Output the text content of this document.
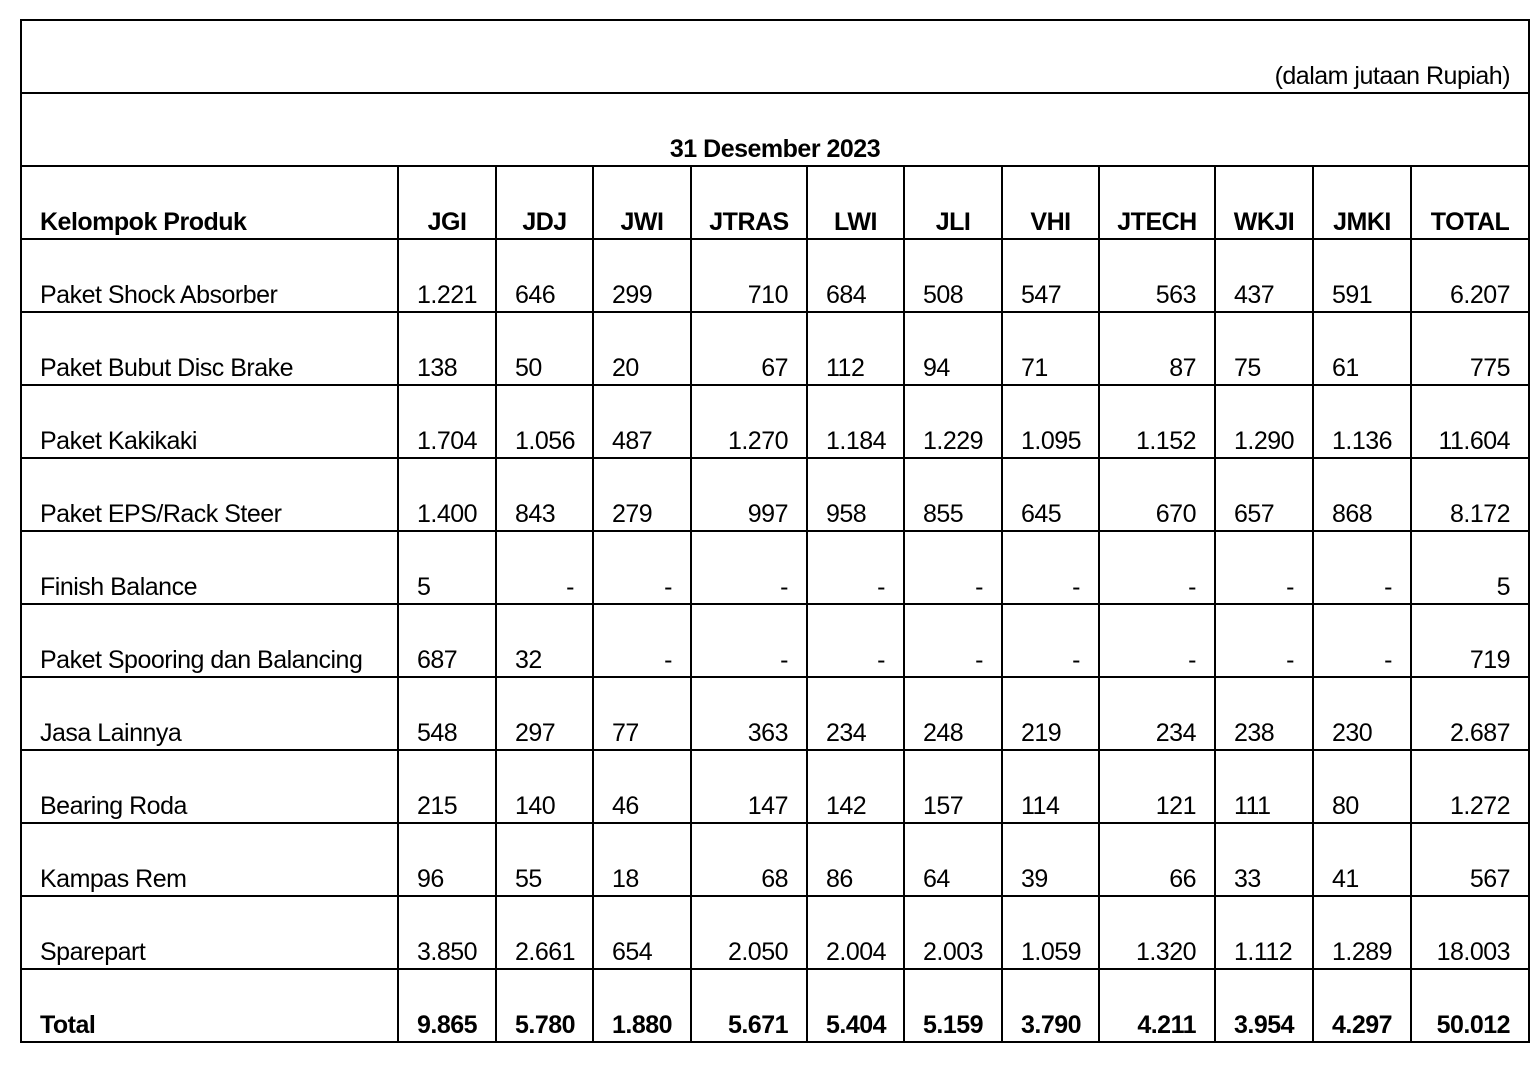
(dalam jutaan Rupiah)											
31 Desember 2023											
Kelompok Produk	JGI	JDJ	JWI	JTRAS	LWI	JLI	VHI	JTECH	WKJI	JMKI	TOTAL
Paket Shock Absorber	1.221	646	299	710	684	508	547	563	437	591	6.207
Paket Bubut Disc Brake	138	50	20	67	112	94	71	87	75	61	775
Paket Kakikaki	1.704	1.056	487	1.270	1.184	1.229	1.095	1.152	1.290	1.136	11.604
Paket EPS/Rack Steer	1.400	843	279	997	958	855	645	670	657	868	8.172
Finish Balance	5	-	-	-	-	-	-	-	-	-	5
Paket Spooring dan Balancing	687	32	-	-	-	-	-	-	-	-	719
Jasa Lainnya	548	297	77	363	234	248	219	234	238	230	2.687
Bearing Roda	215	140	46	147	142	157	114	121	111	80	1.272
Kampas Rem	96	55	18	68	86	64	39	66	33	41	567
Sparepart	3.850	2.661	654	2.050	2.004	2.003	1.059	1.320	1.112	1.289	18.003
Total	9.865	5.780	1.880	5.671	5.404	5.159	3.790	4.211	3.954	4.297	50.012
